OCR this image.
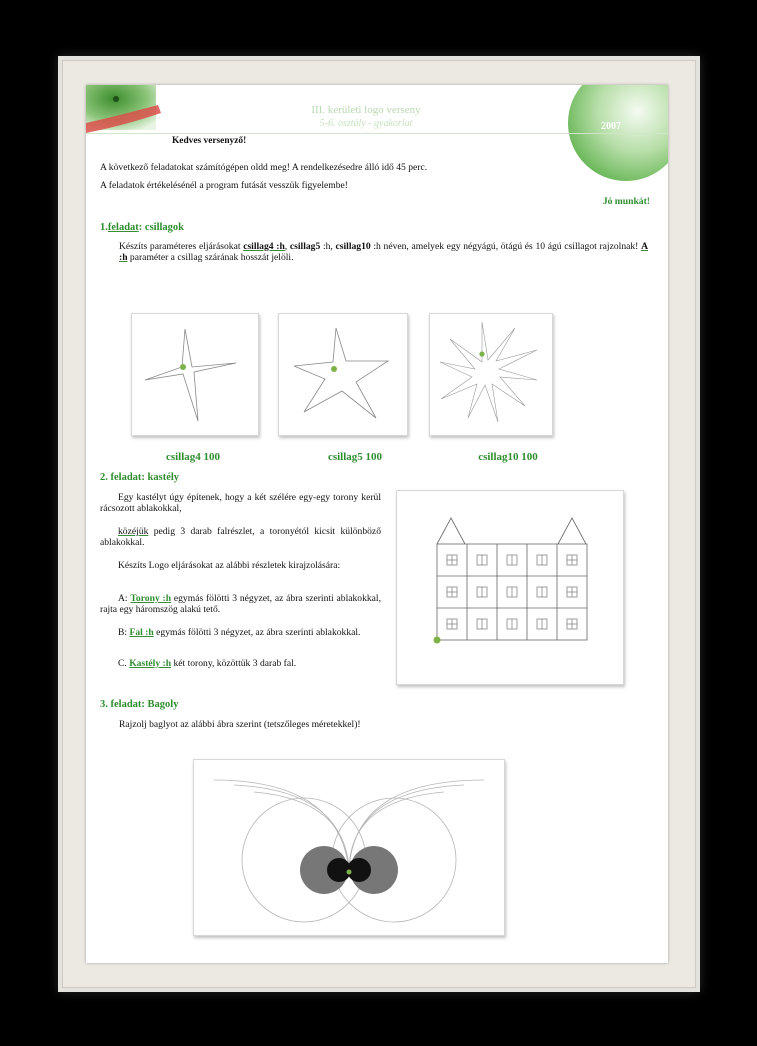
2007
III. kerületi logo verseny
5-6. osztály - gyakorlat
Kedves versenyző!
A következő feladatokat számítógépen oldd meg! A rendelkezésedre álló idő 45 perc.
A feladatok értékelésénél a program futását vesszük figyelembe!
Jó munkát!
1.feladat: csillagok
Készíts paraméteres eljárásokat csillag4 :h, csillag5 :h, csillag10 :h néven, amelyek egy négyágú, ötágú és 10 ágú csillagot rajzolnak! A :h paraméter a csillag szárának hosszát jelöli.
csillag4 100	csillag5 100	csillag10 100
2. feladat: kastély
Egy kastélyt úgy építenek, hogy a két szélére egy-egy torony kerül rácsozott ablakokkal,
közéjük pedig 3 darab falrészlet, a toronyétól kicsit különböző ablakokkal.
Készíts Logo eljárásokat az alábbi részletek kirajzolására:
A: Torony :h egymás fölötti 3 négyzet, az ábra szerinti ablakokkal, rajta egy háromszög alakú tető.
B: Fal :h egymás fölötti 3 négyzet, az ábra szerinti ablakokkal.
C. Kastély :h két torony, közöttük 3 darab fal.
3. feladat: Bagoly
Rajzolj baglyot az alábbi ábra szerint (tetszőleges méretekkel)!
